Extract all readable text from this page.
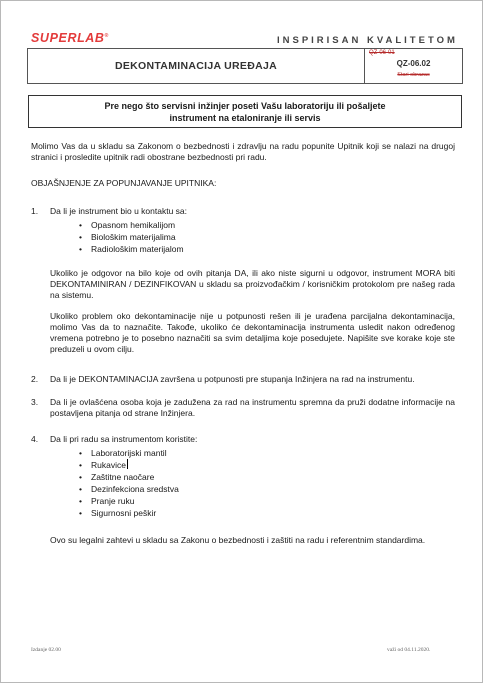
SUPERLAB®	INSPIRISAN KVALITETOM
DEKONTAMINACIJA UREĐAJA
QZ-06-01
QZ-06.02
Stari obrazac
Pre nego što servisni inžinjer poseti Vašu laboratoriju ili pošaljete
instrument na etaloniranje ili servis

Molimo Vas da u skladu sa Zakonom o bezbednosti i zdravlju na radu popunite Upitnik koji se nalazi na drugoj stranici i prosledite upitnik radi obostrane bezbednosti pri radu.

OBJAŠNJENJE ZA POPUNJAVANJE UPITNIKA:

1. Da li je instrument bio u kontaktu sa:

• Opasnom hemikalijom
• Biološkim materijalima
• Radiološkim materijalom

Ukoliko je odgovor na bilo koje od ovih pitanja DA, ili ako niste sigurni u odgovor, instrument MORA biti DEKONTAMINIRAN / DEZINFIKOVAN u skladu sa proizvođačkim / korisničkim protokolom pre našeg rada na sistemu.

Ukoliko problem oko dekontaminacije nije u potpunosti rešen ili je urađena parcijalna dekontaminacija, molimo Vas da to naznačite. Takođe, ukoliko će dekontaminacija instrumenta usledit nakon određenog vremena potrebno je to posebno naznačiti sa svim detaljima koje posedujete. Napišite sve korake koje ste preduzeli u ovom cilju.

2. Da li je DEKONTAMINACIJA završena u potpunosti pre stupanja Inžinjera na rad na instrumentu.

3. Da li je ovlašćena osoba koja je zadužena za rad na instrumentu spremna da pruži dodatne informacije na postavljena pitanja od strane Inžinjera.

4. Da li pri radu sa instrumentom koristite:

• Laboratorijski mantil
• Rukavice
• Zaštitne naočare
• Dezinfekciona sredstva
• Pranje ruku
• Sigurnosni peškir

Ovo su legalni zahtevi u skladu sa Zakonu o bezbednosti i zaštiti na radu i referentnim standardima.

Izdanje 02.00	važi od 04.11.2020.
